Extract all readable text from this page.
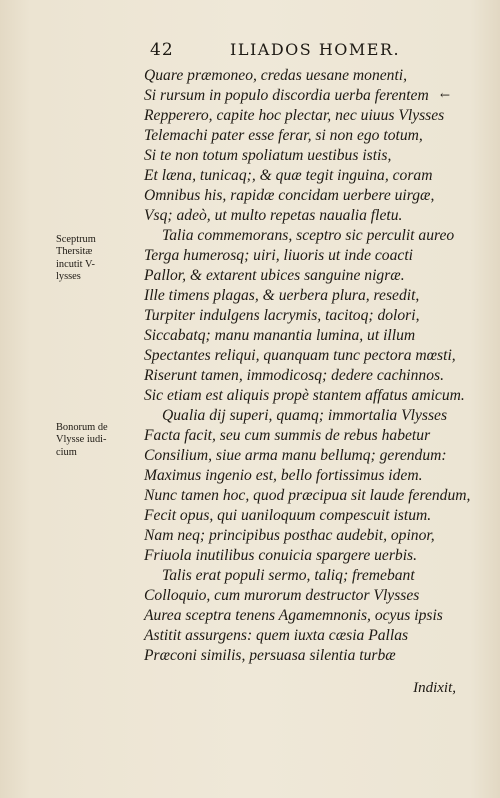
42	ILIADOS HOMER.
←
Quare præmoneo, credas uesane monenti,
Si rursum in populo discordia uerba ferentem
Repperero, capite hoc plectar, nec uiuus Vlysses
Telemachi pater esse ferar, si non ego totum,
Si te non totum spoliatum uestibus istis,
Et læna, tunicaq;, & quæ tegit inguina, coram
Omnibus his, rapidæ concidam uerbere uirgæ,
Vsq; adeò, ut multo repetas naualia fletu.
Talia commemorans, sceptro sic perculit aureo
Terga humerosq; uiri, liuoris ut inde coacti
Pallor, & extarent ubices sanguine nigræ.
Ille timens plagas, & uerbera plura, resedit,
Turpiter indulgens lacrymis, tacitoq; dolori,
Siccabatq; manu manantia lumina, ut illum
Spectantes reliqui, quanquam tunc pectora mœsti,
Riserunt tamen, immodicosq; dedere cachinnos.
Sic etiam est aliquis propè stantem affatus amicum.
Qualia dij superi, quamq; immortalia Vlysses
Facta facit, seu cum summis de rebus habetur
Consilium, siue arma manu bellumq; gerendum:
Maximus ingenio est, bello fortissimus idem.
Nunc tamen hoc, quod præcipua sit laude ferendum,
Fecit opus, qui uaniloquum compescuit istum.
Nam neq; principibus posthac audebit, opinor,
Friuola inutilibus conuicia spargere uerbis.
Talis erat populi sermo, taliq; fremebant
Colloquio, cum murorum destructor Vlysses
Aurea sceptra tenens Agamemnonis, ocyus ipsis
Astitit assurgens: quem iuxta cæsia Pallas
Præconi similis, persuasa silentia turbæ
Sceptrum
Thersitæ
incutit V-
lysses
Bonorum de
Vlysse iudi-
cium
Indixit,
